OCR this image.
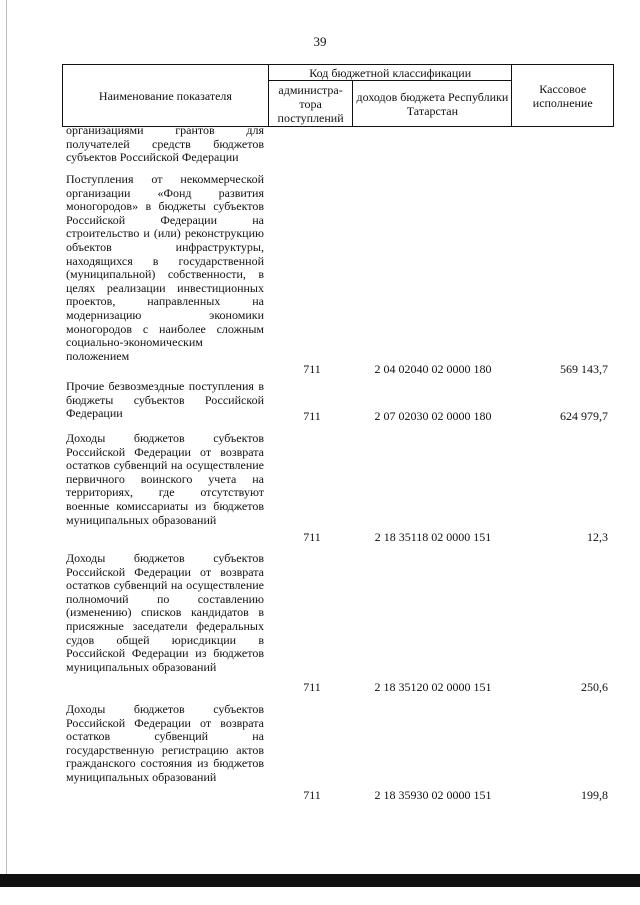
39
Наименование показателя	Код бюджетной классификации		Кассовое исполнение
	администра-тора поступлений	доходов бюджета Республики Татарстан	
организациями грантов для получателей средств бюджетов субъектов Российской Федерации
Поступления от некоммерческой организации «Фонд развития моногородов» в бюджеты субъектов Российской Федерации на строительство и (или) реконструкцию объектов инфраструктуры, находящихся в государственной (муниципальной) собственности, в целях реализации инвестиционных проектов, направленных на модернизацию экономики моногородов с наиболее сложным социально-экономическим положением
711	2 04 02040 02 0000 180	569 143,7
Прочие безвозмездные поступления в бюджеты субъектов Российской Федерации	711	2 07 02030 02 0000 180	624 979,7
Доходы бюджетов субъектов Российской Федерации от возврата остатков субвенций на осуществление первичного воинского учета на территориях, где отсутствуют военные комиссариаты из бюджетов муниципальных образований
711	2 18 35118 02 0000 151	12,3
Доходы бюджетов субъектов Российской Федерации от возврата остатков субвенций на осуществление полномочий по составлению (изменению) списков кандидатов в присяжные заседатели федеральных судов общей юрисдикции в Российской Федерации из бюджетов муниципальных образований
711	2 18 35120 02 0000 151	250,6
Доходы бюджетов субъектов Российской Федерации от возврата остатков субвенций на государственную регистрацию актов гражданского состояния из бюджетов муниципальных образований
711	2 18 35930 02 0000 151	199,8
